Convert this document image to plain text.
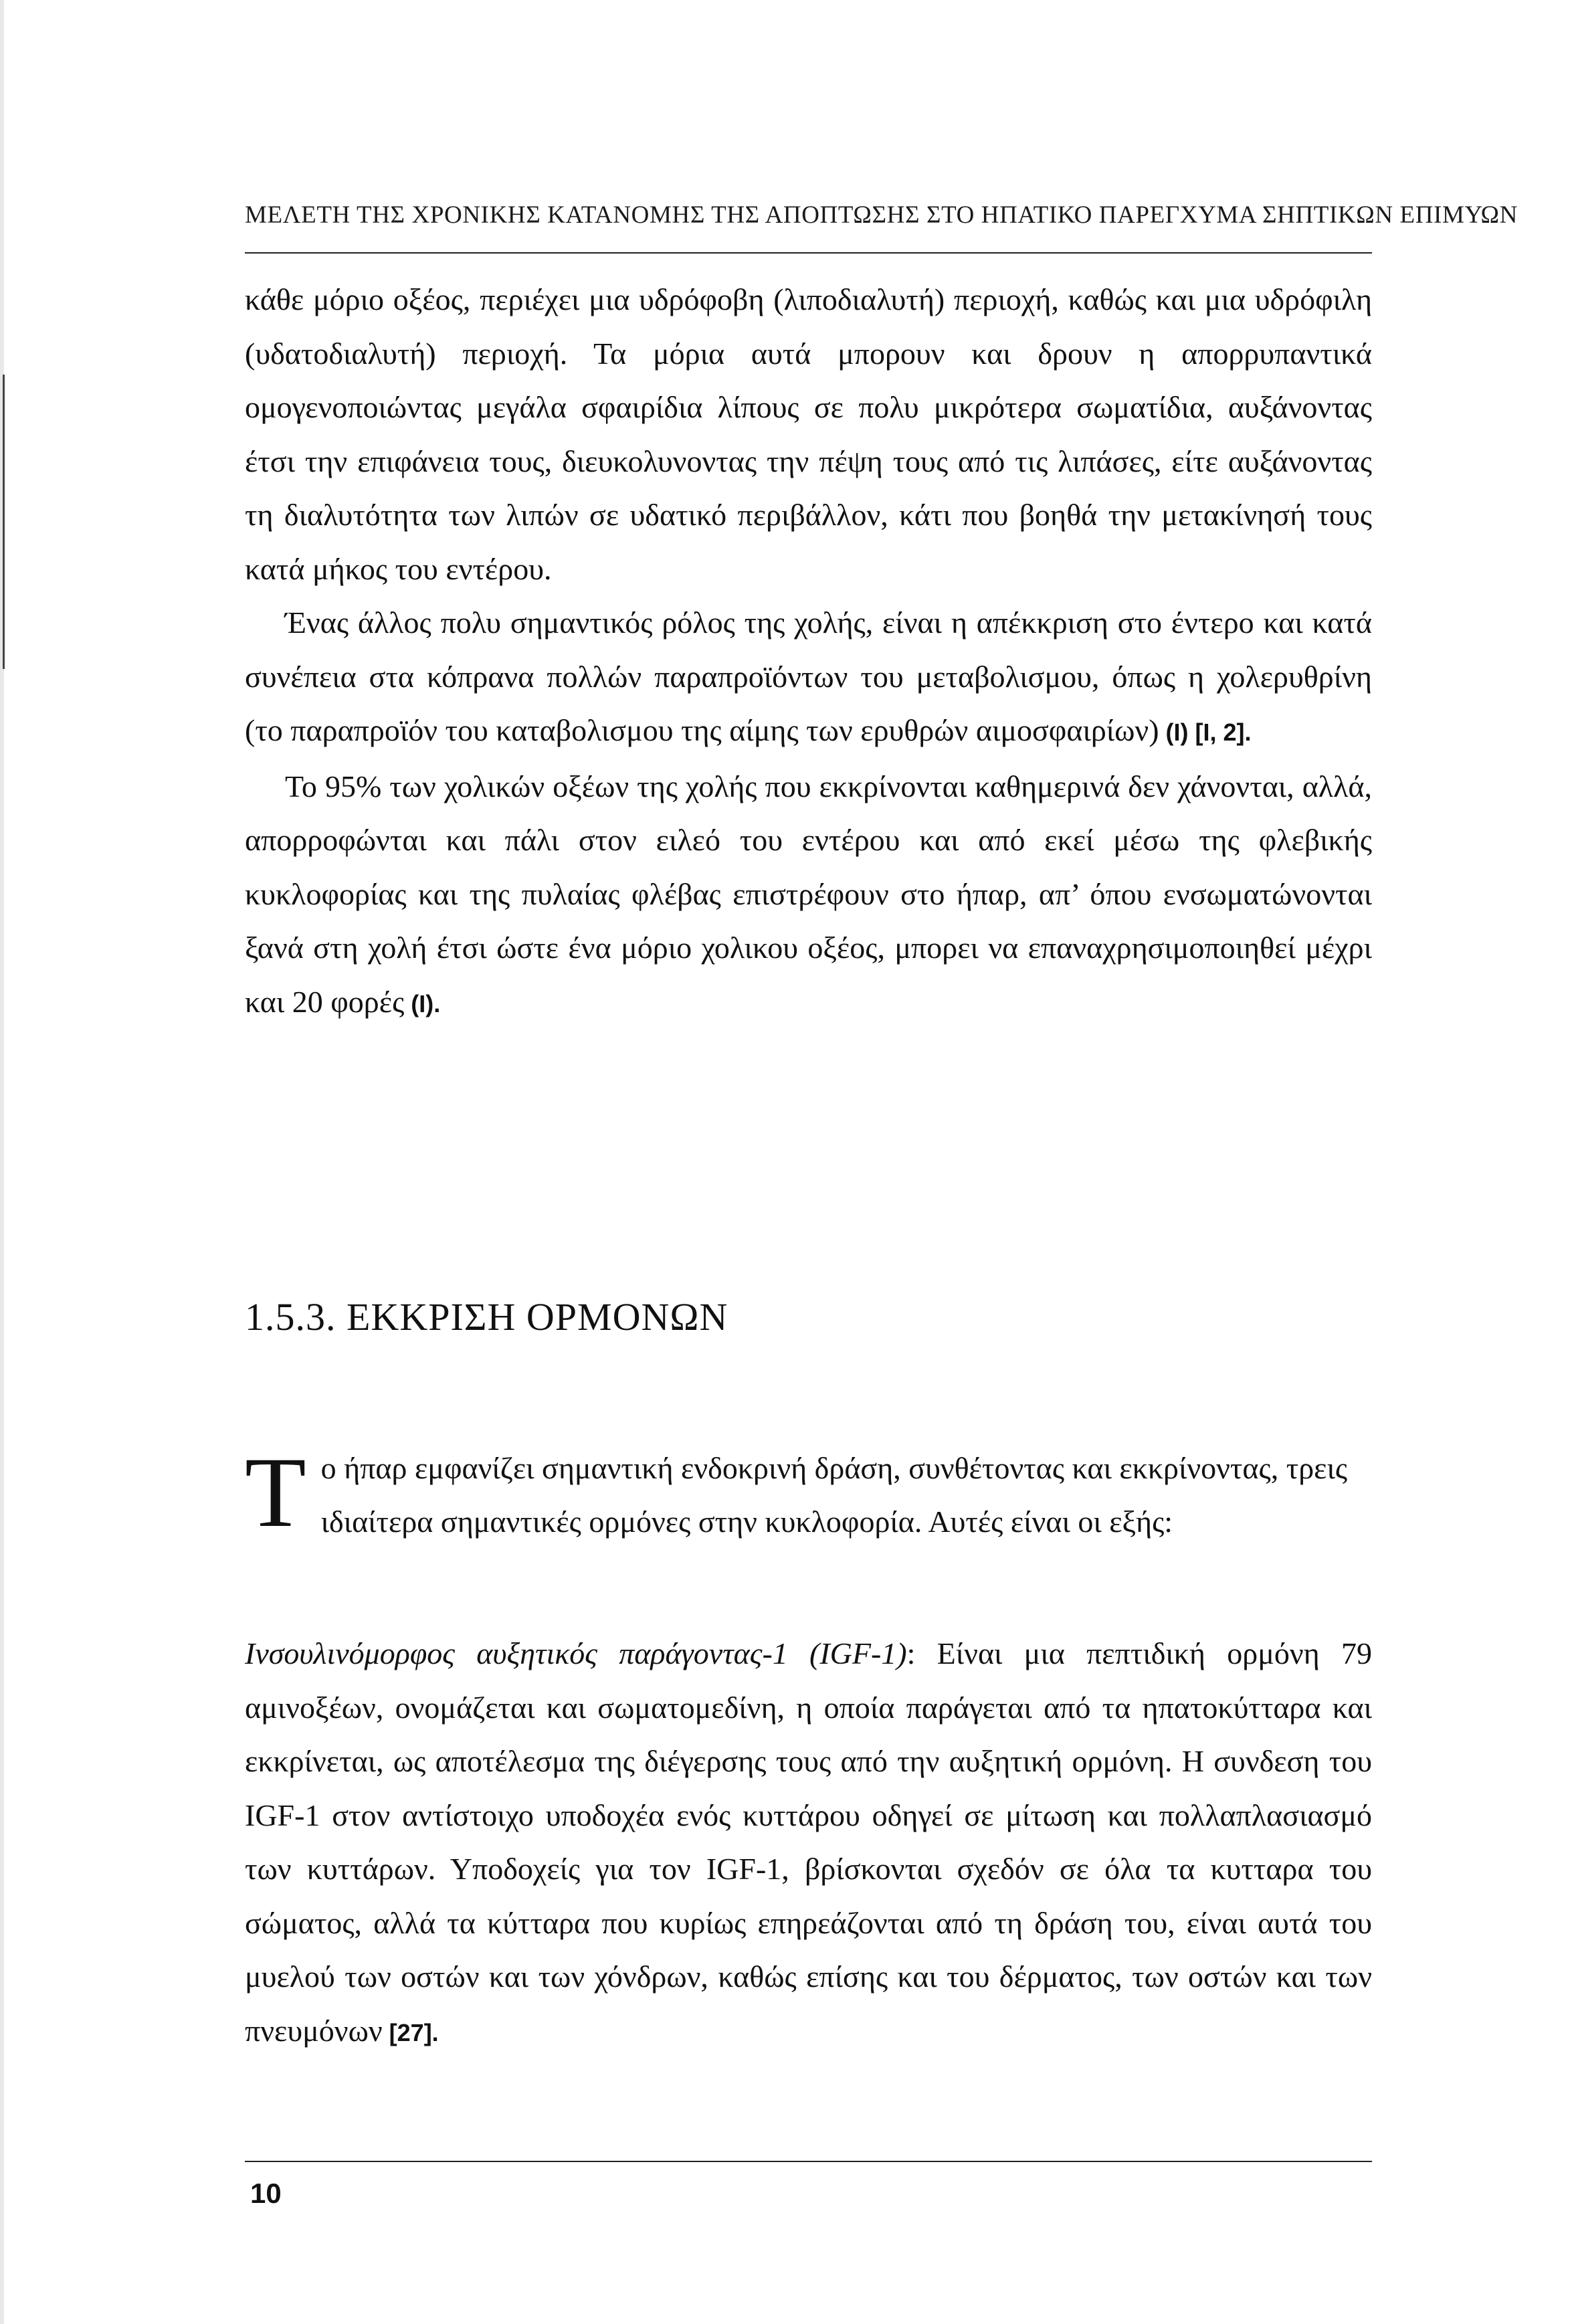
ΜΕΛΕΤΗ ΤΗΣ ΧΡΟΝΙΚΗΣ ΚΑΤΑΝΟΜΗΣ ΤΗΣ ΑΠΟΠΤΩΣΗΣ ΣΤΟ ΗΠΑΤΙΚΟ ΠΑΡΕΓΧΥΜΑ ΣΗΠΤΙΚΩΝ ΕΠΙΜΥΩΝ

κάθε μόριο οξέος, περιέχει μια υδρόφοβη (λιποδιαλυτή) περιοχή, καθώς και μια υδρόφιλη (υδατοδιαλυτή) περιοχή. Τα μόρια αυτά μπορουν και δρουν η απορρυπαντικά ομογενοποιώντας μεγάλα σφαιρίδια λίπους σε πολυ μικρότερα σωματίδια, αυξάνοντας έτσι την επιφάνεια τους, διευκολυνοντας την πέψη τους από τις λιπάσες, είτε αυξάνοντας τη διαλυτότητα των λιπών σε υδατικό περιβάλλον, κάτι που βοηθά την μετακίνησή τους κατά μήκος του εντέρου.

Ένας άλλος πολυ σημαντικός ρόλος της χολής, είναι η απέκκριση στο έντερο και κατά συνέπεια στα κόπρανα πολλών παραπροϊόντων του μεταβολισμου, όπως η χολερυθρίνη (το παραπροϊόν του καταβολισμου της αίμης των ερυθρών αιμοσφαιρίων) (I) [I, 2].

Το 95% των χολικών οξέων της χολής που εκκρίνονται καθημερινά δεν χάνονται, αλλά, απορροφώνται και πάλι στον ειλεό του εντέρου και από εκεί μέσω της φλεβικής κυκλοφορίας και της πυλαίας φλέβας επιστρέφουν στο ήπαρ, απ’ όπου ενσωματώνονται ξανά στη χολή έτσι ώστε ένα μόριο χολικου οξέος, μπορει να επαναχρησιμοποιηθεί μέχρι και 20 φορές (I).

1.5.3. ΕΚΚΡΙΣΗ ΟΡΜΟΝΩΝ
Τ ο ήπαρ εμφανίζει σημαντική ενδοκρινή δράση, συνθέτοντας και εκκρίνοντας, τρεις ιδιαίτερα σημαντικές ορμόνες στην κυκλοφορία. Αυτές είναι οι εξής:

Ινσουλινόμορφος αυξητικός παράγοντας-1 (IGF-1): Είναι μια πεπτιδική ορμόνη 79 αμινοξέων, ονομάζεται και σωματομεδίνη, η οποία παράγεται από τα ηπατοκύτταρα και εκκρίνεται, ως αποτέλεσμα της διέγερσης τους από την αυξητική ορμόνη. Η συνδεση του IGF-1 στον αντίστοιχο υποδοχέα ενός κυττάρου οδηγεί σε μίτωση και πολλαπλασιασμό των κυττάρων. Υποδοχείς για τον IGF-1, βρίσκονται σχεδόν σε όλα τα κυτταρα του σώματος, αλλά τα κύτταρα που κυρίως επηρεάζονται από τη δράση του, είναι αυτά του μυελού των οστών και των χόνδρων, καθώς επίσης και του δέρματος, των οστών και των πνευμόνων [27].

10
